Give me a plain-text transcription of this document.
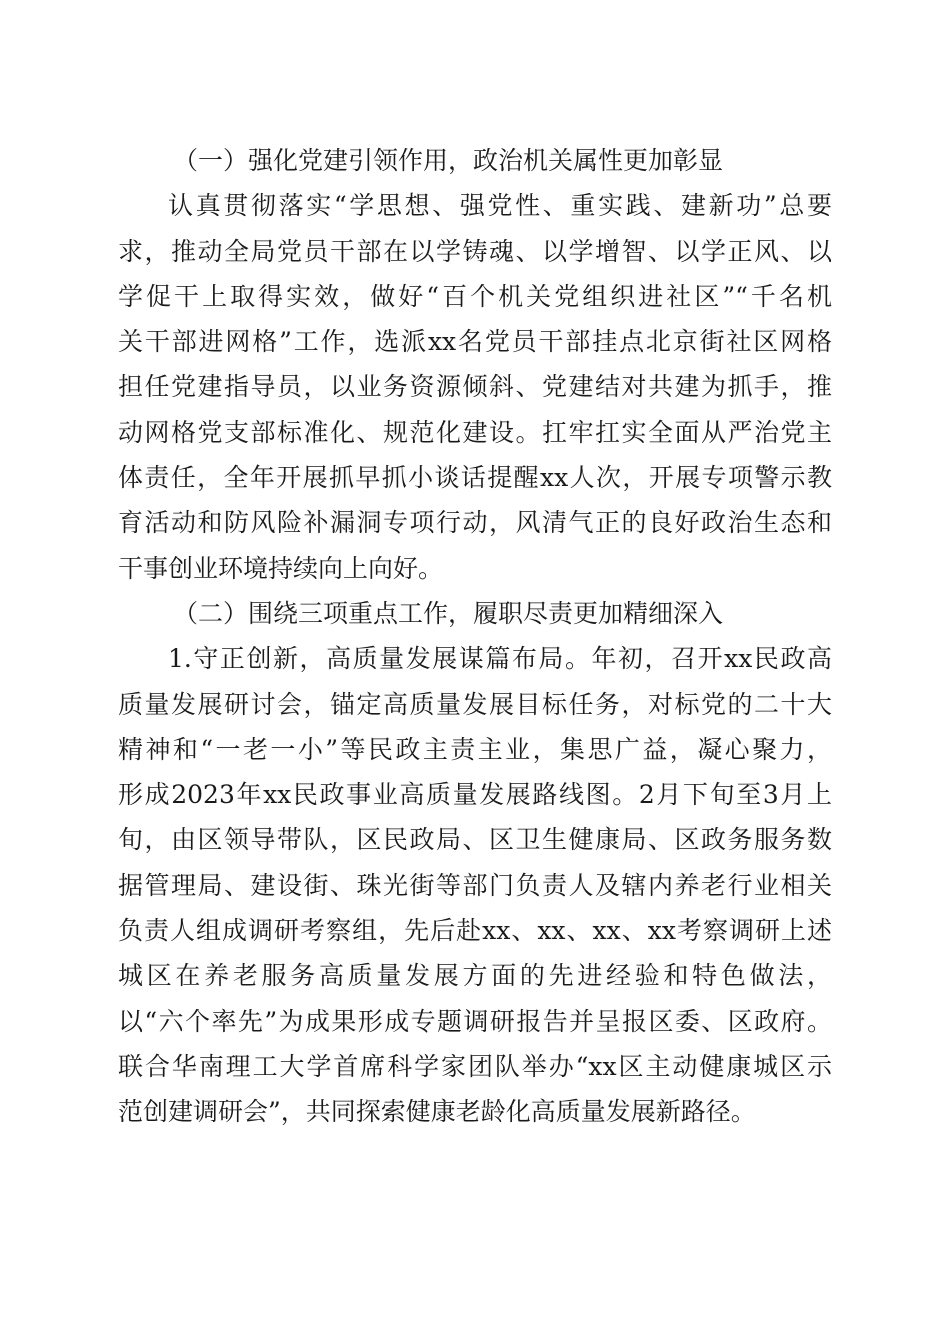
（一）强化党建引领作用，政治机关属性更加彰显
认真贯彻落实“学思想、强党性、重实践、建新功”总要
求，推动全局党员干部在以学铸魂、以学增智、以学正风、以
学促干上取得实效，做好“百个机关党组织进社区”“千名机
关干部进网格”工作，选派xx名党员干部挂点北京街社区网格
担任党建指导员，以业务资源倾斜、党建结对共建为抓手，推
动网格党支部标准化、规范化建设。扛牢扛实全面从严治党主
体责任，全年开展抓早抓小谈话提醒xx人次，开展专项警示教
育活动和防风险补漏洞专项行动，风清气正的良好政治生态和
干事创业环境持续向上向好。
（二）围绕三项重点工作，履职尽责更加精细深入
1.守正创新，高质量发展谋篇布局。年初，召开xx民政高
质量发展研讨会，锚定高质量发展目标任务，对标党的二十大
精神和“一老一小”等民政主责主业，集思广益，凝心聚力，
形成2023年xx民政事业高质量发展路线图。2月下旬至3月上
旬，由区领导带队，区民政局、区卫生健康局、区政务服务数
据管理局、建设街、珠光街等部门负责人及辖内养老行业相关
负责人组成调研考察组，先后赴xx、xx、xx、xx考察调研上述
城区在养老服务高质量发展方面的先进经验和特色做法，
以“六个率先”为成果形成专题调研报告并呈报区委、区政府。
联合华南理工大学首席科学家团队举办“xx区主动健康城区示
范创建调研会”，共同探索健康老龄化高质量发展新路径。
